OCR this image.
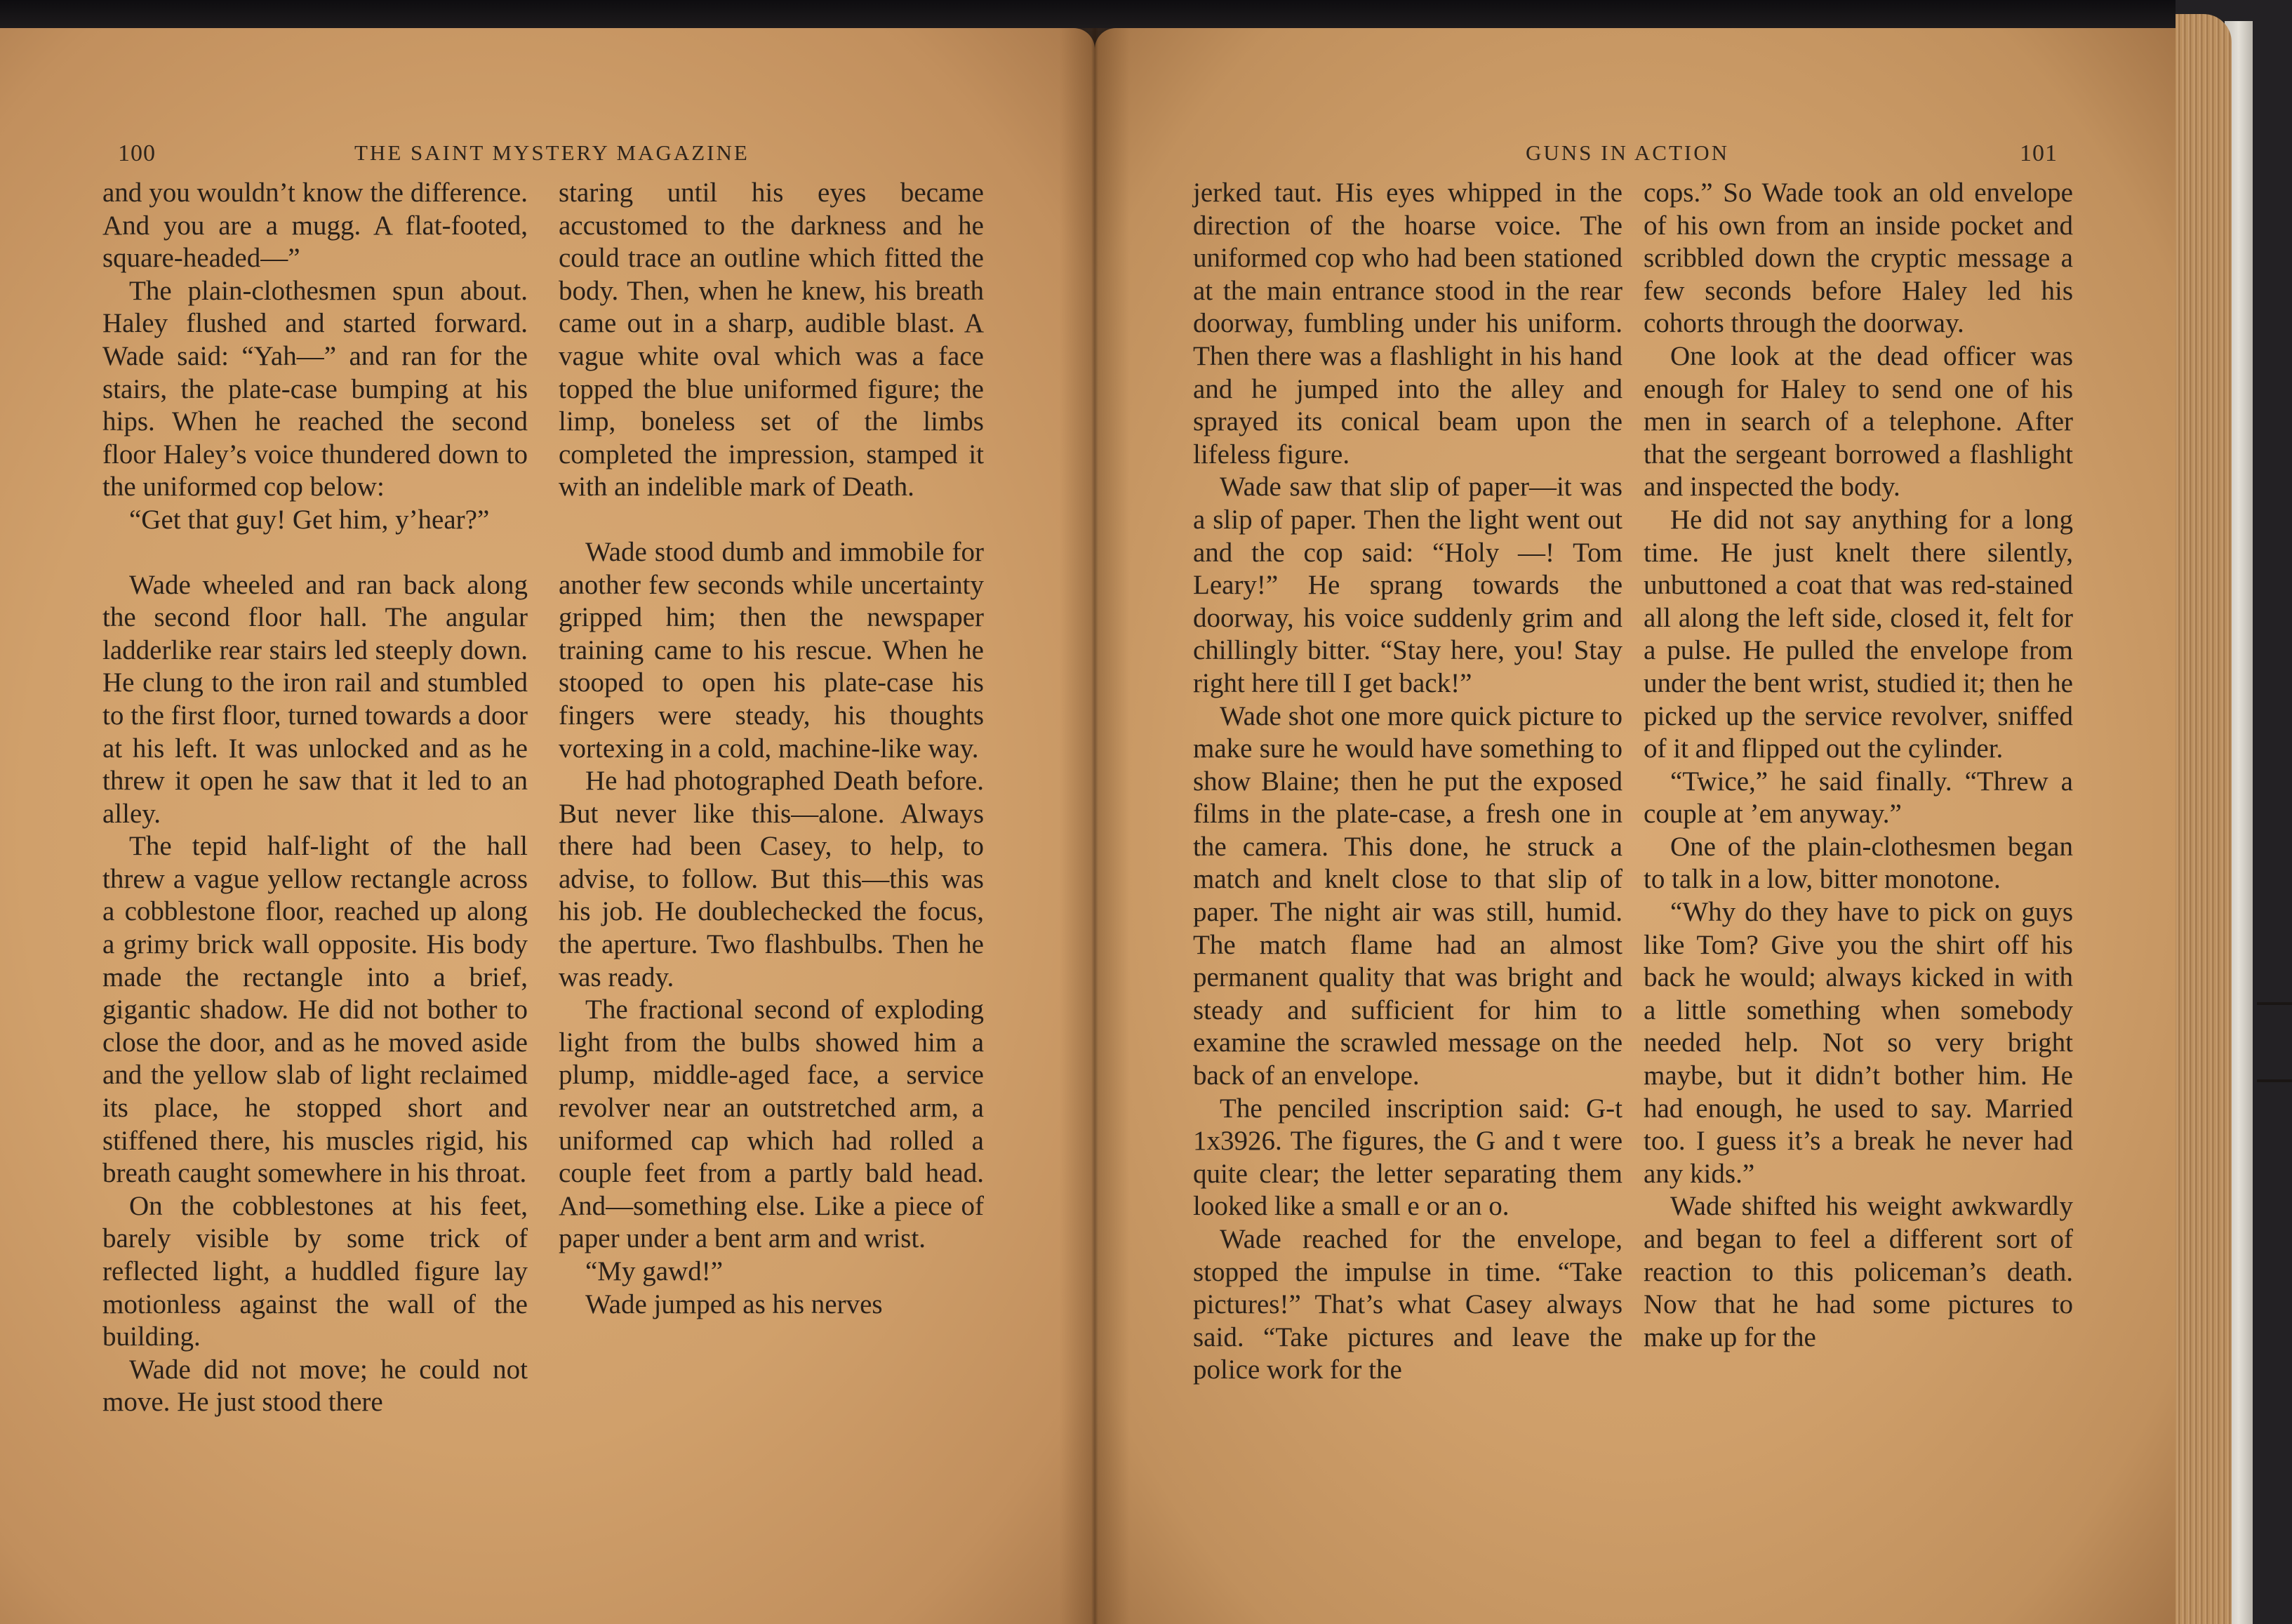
100	THE SAINT MYSTERY MAGAZINE

and you wouldn’t know the difference. And you are a mugg. A flat-footed, square-headed—”

The plain-clothesmen spun about. Haley flushed and started forward. Wade said: “Yah—” and ran for the stairs, the plate-case bumping at his hips. When he reached the second floor Haley’s voice thundered down to the uniformed cop below:

“Get that guy! Get him, y’hear?”

Wade wheeled and ran back along the second floor hall. The angular ladderlike rear stairs led steeply down. He clung to the iron rail and stumbled to the first floor, turned towards a door at his left. It was unlocked and as he threw it open he saw that it led to an alley.

The tepid half-light of the hall threw a vague yellow rectangle across a cobblestone floor, reached up along a grimy brick wall opposite. His body made the rectangle into a brief, gigantic shadow. He did not bother to close the door, and as he moved aside and the yellow slab of light reclaimed its place, he stopped short and stiffened there, his muscles rigid, his breath caught somewhere in his throat.

On the cobblestones at his feet, barely visible by some trick of reflected light, a huddled figure lay motionless against the wall of the building.

Wade did not move; he could not move. He just stood there

staring until his eyes became accustomed to the darkness and he could trace an outline which fitted the body. Then, when he knew, his breath came out in a sharp, audible blast. A vague white oval which was a face topped the blue uniformed figure; the limp, boneless set of the limbs completed the impression, stamped it with an indelible mark of Death.

Wade stood dumb and immobile for another few seconds while uncertainty gripped him; then the newspaper training came to his rescue. When he stooped to open his plate-case his fingers were steady, his thoughts vortexing in a cold, machine-like way.

He had photographed Death before. But never like this—alone. Always there had been Casey, to help, to advise, to follow. But this—this was his job. He doublechecked the focus, the aperture. Two flashbulbs. Then he was ready.

The fractional second of exploding light from the bulbs showed him a plump, middle-aged face, a service revolver near an outstretched arm, a uniformed cap which had rolled a couple feet from a partly bald head. And—something else. Like a piece of paper under a bent arm and wrist.

“My gawd!”

Wade jumped as his nerves

GUNS IN ACTION	101

jerked taut. His eyes whipped in the direction of the hoarse voice. The uniformed cop who had been stationed at the main entrance stood in the rear doorway, fumbling under his uniform. Then there was a flashlight in his hand and he jumped into the alley and sprayed its conical beam upon the lifeless figure.

Wade saw that slip of paper—it was a slip of paper. Then the light went out and the cop said: “Holy —! Tom Leary!” He sprang towards the doorway, his voice suddenly grim and chillingly bitter. “Stay here, you! Stay right here till I get back!”

Wade shot one more quick picture to make sure he would have something to show Blaine; then he put the exposed films in the plate-case, a fresh one in the camera. This done, he struck a match and knelt close to that slip of paper. The night air was still, humid. The match flame had an almost permanent quality that was bright and steady and sufficient for him to examine the scrawled message on the back of an envelope.

The penciled inscription said: G-t 1x3926. The figures, the G and t were quite clear; the letter separating them looked like a small e or an o.

Wade reached for the envelope, stopped the impulse in time. “Take pictures!” That’s what Casey always said. “Take pictures and leave the police work for the

cops.” So Wade took an old envelope of his own from an inside pocket and scribbled down the cryptic message a few seconds before Haley led his cohorts through the doorway.

One look at the dead officer was enough for Haley to send one of his men in search of a telephone. After that the sergeant borrowed a flashlight and inspected the body.

He did not say anything for a long time. He just knelt there silently, unbuttoned a coat that was red-stained all along the left side, closed it, felt for a pulse. He pulled the envelope from under the bent wrist, studied it; then he picked up the service revolver, sniffed of it and flipped out the cylinder.

“Twice,” he said finally. “Threw a couple at ’em anyway.”

One of the plain-clothesmen began to talk in a low, bitter monotone.

“Why do they have to pick on guys like Tom? Give you the shirt off his back he would; always kicked in with a little something when somebody needed help. Not so very bright maybe, but it didn’t bother him. He had enough, he used to say. Married too. I guess it’s a break he never had any kids.”

Wade shifted his weight awkwardly and began to feel a different sort of reaction to this policeman’s death. Now that he had some pictures to make up for the
